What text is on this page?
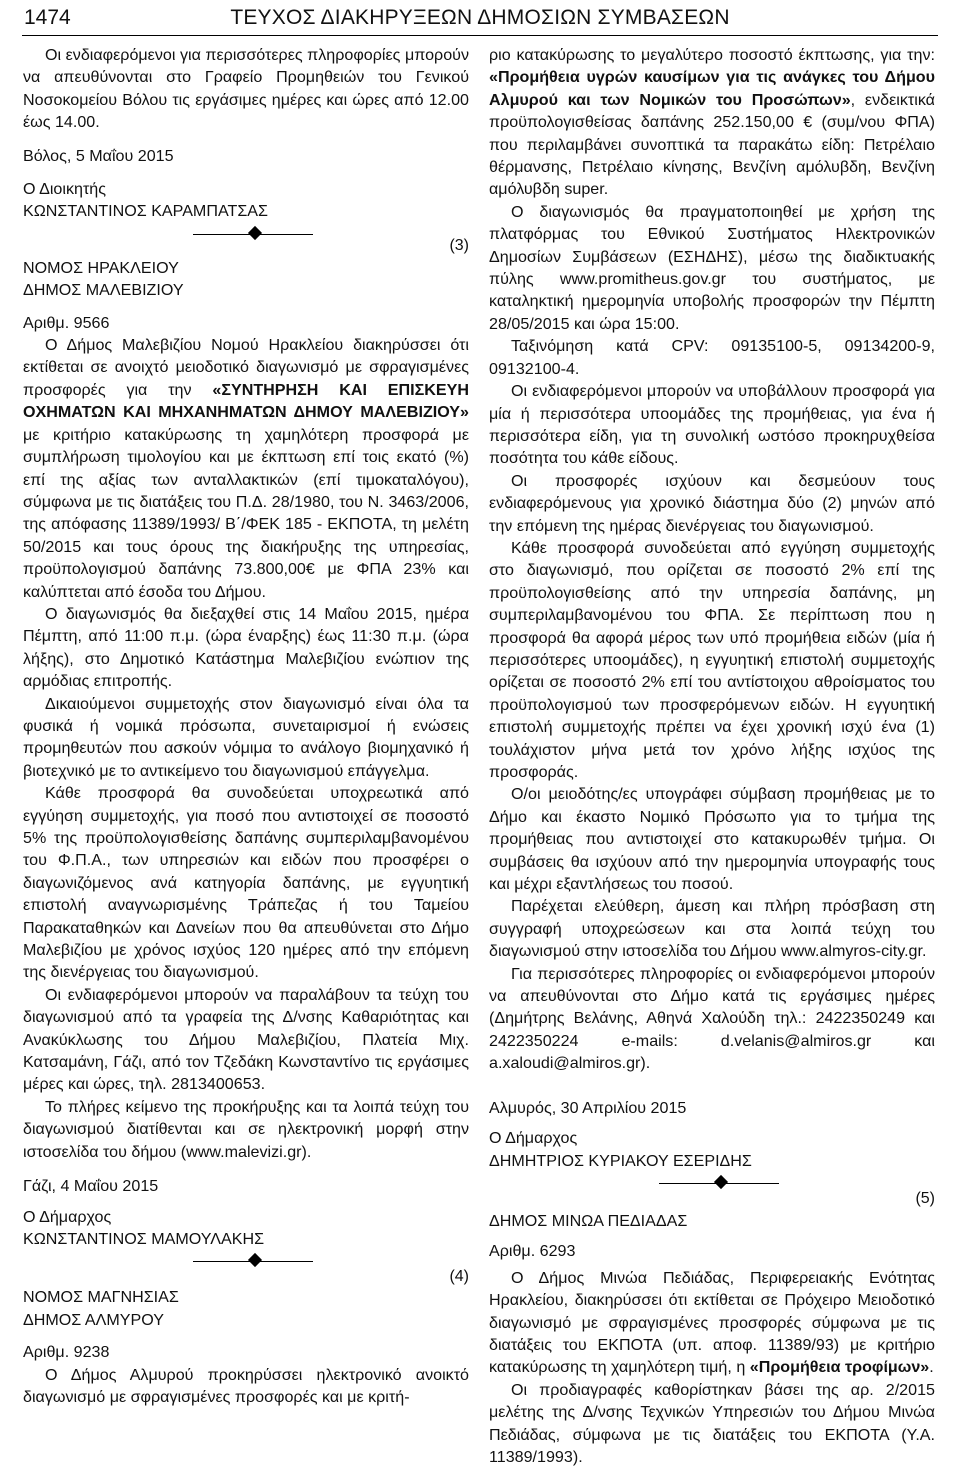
1474	ΤΕΥΧΟΣ ΔΙΑΚΗΡΥΞΕΩΝ ΔΗΜΟΣΙΩΝ ΣΥΜΒΑΣΕΩΝ

Οι ενδιαφερόμενοι για περισσότερες πληροφορίες μπορούν να απευθύνονται στο Γραφείο Προμηθειών του Γενικού Νοσοκομείου Βόλου τις εργάσιμες ημέρες και ώρες από 12.00 έως 14.00.

Βόλος, 5 Μαΐου 2015

Ο Διοικητής

ΚΩΝΣΤΑΝΤΙΝΟΣ ΚΑΡΑΜΠΑΤΣΑΣ

(3)

ΝΟΜΟΣ ΗΡΑΚΛΕΙΟΥ

ΔΗΜΟΣ ΜΑΛΕΒΙΖΙΟΥ

Αριθμ. 9566

Ο Δήμος Μαλεβιζίου Νομού Ηρακλείου διακηρύσσει ότι εκτίθεται σε ανοιχτό μειοδοτικό διαγωνισμό με σφραγισμένες προσφορές για την «ΣΥΝΤΗΡΗΣΗ ΚΑΙ ΕΠΙΣΚΕΥΗ ΟΧΗΜΑΤΩΝ ΚΑΙ ΜΗΧΑΝΗΜΑΤΩΝ ΔΗΜΟΥ ΜΑΛΕΒΙΖΙΟΥ» με κριτήριο κατακύρωσης τη χαμηλότερη προσφορά με συμπλήρωση τιμολογίου και με έκπτωση επί τοις εκατό (%) επί της αξίας των ανταλλακτικών (επί τιμοκαταλόγου), σύμφωνα με τις διατάξεις του Π.Δ. 28/1980, του Ν. 3463/2006, της απόφασης 11389/1993/ Β΄/ΦΕΚ 185 - ΕΚΠΟΤΑ, τη μελέτη 50/2015 και τους όρους της διακήρυξης της υπηρεσίας, προϋπολογισμού δαπάνης 73.800,00€ με ΦΠΑ 23% και καλύπτεται από έσοδα του Δήμου.

Ο διαγωνισμός θα διεξαχθεί στις 14 Μαΐου 2015, ημέρα Πέμπτη, από 11:00 π.μ. (ώρα έναρξης) έως 11:30 π.μ. (ώρα λήξης), στο Δημοτικό Κατάστημα Μαλεβιζίου ενώπιον της αρμόδιας επιτροπής.

Δικαιούμενοι συμμετοχής στον διαγωνισμό είναι όλα τα φυσικά ή νομικά πρόσωπα, συνεταιρισμοί ή ενώσεις προμηθευτών που ασκούν νόμιμα το ανάλογο βιομηχανικό ή βιοτεχνικό με το αντικείμενο του διαγωνισμού επάγγελμα.

Κάθε προσφορά θα συνοδεύεται υποχρεωτικά από εγγύηση συμμετοχής, για ποσό που αντιστοιχεί σε ποσοστό 5% της προϋπολογισθείσης δαπάνης συμπεριλαμβανομένου του Φ.Π.Α., των υπηρεσιών και ειδών που προσφέρει ο διαγωνιζόμενος ανά κατηγορία δαπάνης, με εγγυητική επιστολή αναγνωρισμένης Τράπεζας ή του Ταμείου Παρακαταθηκών και Δανείων που θα απευθύνεται στο Δήμο Μαλεβιζίου με χρόνος ισχύος 120 ημέρες από την επόμενη της διενέργειας του διαγωνισμού.

Οι ενδιαφερόμενοι μπορούν να παραλάβουν τα τεύχη του διαγωνισμού από τα γραφεία της Δ/νσης Καθαριότητας και Ανακύκλωσης του Δήμου Μαλεβιζίου, Πλατεία Μιχ. Κατσαμάνη, Γάζι, από τον Τζεδάκη Κωνσταντίνο τις εργάσιμες μέρες και ώρες, τηλ. 2813400653.

Το πλήρες κείμενο της προκήρυξης και τα λοιπά τεύχη του διαγωνισμού διατίθενται και σε ηλεκτρονική μορφή στην ιστοσελίδα του δήμου (www.malevizi.gr).

Γάζι, 4 Μαΐου 2015

Ο Δήμαρχος

ΚΩΝΣΤΑΝΤΙΝΟΣ ΜΑΜΟΥΛΑΚΗΣ

(4)

ΝΟΜΟΣ ΜΑΓΝΗΣΙΑΣ

ΔΗΜΟΣ ΑΛΜΥΡΟΥ

Αριθμ. 9238

Ο Δήμος Αλμυρού προκηρύσσει ηλεκτρονικό ανοικτό διαγωνισμό με σφραγισμένες προσφορές και με κριτή-

ριο κατακύρωσης το μεγαλύτερο ποσοστό έκπτωσης, για την: «Προμήθεια υγρών καυσίμων για τις ανάγκες του Δήμου Αλμυρού και των Νομικών του Προσώπων», ενδεικτικά προϋπολογισθείσας δαπάνης 252.150,00 € (συμ/νου ΦΠΑ) που περιλαμβάνει συνοπτικά τα παρακάτω είδη: Πετρέλαιο θέρμανσης, Πετρέλαιο κίνησης, Βενζίνη αμόλυβδη, Βενζίνη αμόλυβδη super.

Ο διαγωνισμός θα πραγματοποιηθεί με χρήση της πλατφόρμας του Εθνικού Συστήματος Ηλεκτρονικών Δημοσίων Συμβάσεων (ΕΣΗΔΗΣ), μέσω της διαδικτυακής πύλης www.promitheus.gov.gr του συστήματος, με καταληκτική ημερομηνία υποβολής προσφορών την Πέμπτη 28/05/2015 και ώρα 15:00.

Ταξινόμηση κατά CPV: 09135100-5, 09134200-9, 09132100-4.

Οι ενδιαφερόμενοι μπορούν να υποβάλλουν προσφορά για μία ή περισσότερα υποομάδες της προμήθειας, για ένα ή περισσότερα είδη, για τη συνολική ωστόσο προκηρυχθείσα ποσότητα του κάθε είδους.

Οι προσφορές ισχύουν και δεσμεύουν τους ενδιαφερόμενους για χρονικό διάστημα δύο (2) μηνών από την επόμενη της ημέρας διενέργειας του διαγωνισμού.

Κάθε προσφορά συνοδεύεται από εγγύηση συμμετοχής στο διαγωνισμό, που ορίζεται σε ποσοστό 2% επί της προϋπολογισθείσης από την υπηρεσία δαπάνης, μη συμπεριλαμβανομένου του ΦΠΑ. Σε περίπτωση που η προσφορά θα αφορά μέρος των υπό προμήθεια ειδών (μία ή περισσότερες υποομάδες), η εγγυητική επιστολή συμμετοχής ορίζεται σε ποσοστό 2% επί του αντίστοιχου αθροίσματος του προϋπολογισμού των προσφερόμενων ειδών. Η εγγυητική επιστολή συμμετοχής πρέπει να έχει χρονική ισχύ ένα (1) τουλάχιστον μήνα μετά τον χρόνο λήξης ισχύος της προσφοράς.

Ο/οι μειοδότης/ες υπογράφει σύμβαση προμήθειας με το Δήμο και έκαστο Νομικό Πρόσωπο για το τμήμα της προμήθειας που αντιστοιχεί στο κατακυρωθέν τμήμα. Οι συμβάσεις θα ισχύουν από την ημερομηνία υπογραφής τους και μέχρι εξαντλήσεως του ποσού.

Παρέχεται ελεύθερη, άμεση και πλήρη πρόσβαση στη συγγραφή υποχρεώσεων και στα λοιπά τεύχη του διαγωνισμού στην ιστοσελίδα του Δήμου www.almyros-city.gr.

Για περισσότερες πληροφορίες οι ενδιαφερόμενοι μπορούν να απευθύνονται στο Δήμο κατά τις εργάσιμες ημέρες (Δημήτρης Βελάνης, Αθηνά Χαλούδη τηλ.: 2422350249 και 2422350224 e-mails: d.velanis@almiros.gr και a.xaloudi@almiros.gr).

Αλμυρός, 30 Απριλίου 2015

Ο Δήμαρχος

ΔΗΜΗΤΡΙΟΣ ΚΥΡΙΑΚΟΥ ΕΣΕΡΙΔΗΣ

(5)

ΔΗΜΟΣ ΜΙΝΩΑ ΠΕΔΙΑΔΑΣ

Αριθμ. 6293

Ο Δήμος Μινώα Πεδιάδας, Περιφερειακής Ενότητας Ηρακλείου, διακηρύσσει ότι εκτίθεται σε Πρόχειρο Μειοδοτικό διαγωνισμό με σφραγισμένες προσφορές σύμφωνα με τις διατάξεις του ΕΚΠΟΤΑ (υπ. αποφ. 11389/93) με κριτήριο κατακύρωσης τη χαμηλότερη τιμή, η «Προμήθεια τροφίμων».

Οι προδιαγραφές καθορίστηκαν βάσει της αρ. 2/2015 μελέτης της Δ/νσης Τεχνικών Υπηρεσιών του Δήμου Μινώα Πεδιάδας, σύμφωνα με τις διατάξεις του ΕΚΠΟΤΑ (Υ.Α. 11389/1993).
